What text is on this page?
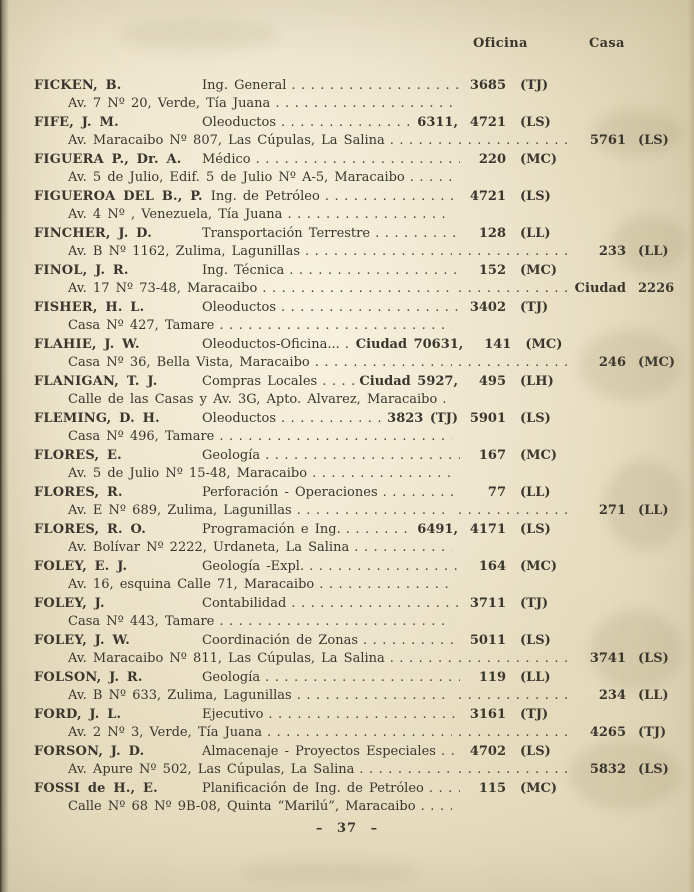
Oficina	Casa
FICKEN, B.	Ing. General .....	3685 (TJ)
Av. 7 Nº 20, Verde, Tía Juana
.....
FIFE, J. M.	Oleoductos .....	6311, 4721 (LS)
Av. Maracaibo Nº 807, Las Cúpulas, La Salina ..... .....	5761 (LS)
FIGUERA P., Dr. A.	Médico .....	220 (MC)
Av. 5 de Julio, Edif. 5 de Julio Nº A-5, Maracaibo
.....
FIGUEROA DEL B., P. Ing. de Petróleo .....	4721 (LS)
Av. 4 Nº , Venezuela, Tía Juana
.....
FINCHER, J. D.	Transportación Terrestre .....	128 (LL)
Av. B Nº 1162, Zulima, Lagunillas ..... .....	233 (LL)
FINOL, J. R.	Ing. Técnica .....	152 (MC)
Av. 17 Nº 73-48, Maracaibo ..... .....	Ciudad 2226
FISHER, H. L.	Oleoductos .....	3402 (TJ)
Casa Nº 427, Tamare
.....
FLAHIE, J. W.	Oleoductos-Oficina... .....	Ciudad 70631,	141 (MC)
Casa Nº 36, Bella Vista, Maracaibo ..... .....	246 (MC)
FLANIGAN, T. J.	Compras Locales .....	Ciudad 5927,	495 (LH)
Calle de las Casas y Av. 3G, Apto. Alvarez, Maracaibo
.....
FLEMING, D. H.	Oleoductos .....	3823 (TJ) 5901 (LS)
Casa Nº 496, Tamare
.....
FLORES, E.	Geología .....	167 (MC)
Av. 5 de Julio Nº 15-48, Maracaibo
.....
FLORES, R.	Perforación - Operaciones .....	77 (LL)
Av. E Nº 689, Zulima, Lagunillas ..... .....	271 (LL)
FLORES, R. O.	Programación e Ing. .....	6491, 4171 (LS)
Av. Bolívar Nº 2222, Urdaneta, La Salina
.....
FOLEY, E. J.	Geología -Expl. .....	164 (MC)
Av. 16, esquina Calle 71, Maracaibo
.....
FOLEY, J.	Contabilidad .....	3711 (TJ)
Casa Nº 443, Tamare
.....
FOLEY, J. W.	Coordinación de Zonas .....	5011 (LS)
Av. Maracaibo Nº 811, Las Cúpulas, La Salina ..... .....	3741 (LS)
FOLSON, J. R.	Geología .....	119 (LL)
Av. B Nº 633, Zulima, Lagunillas ..... .....	234 (LL)
FORD, J. L.	Ejecutivo .....	3161 (TJ)
Av. 2 Nº 3, Verde, Tía Juana ..... .....	4265 (TJ)
FORSON, J. D.	Almacenaje - Proyectos Especiales .....	4702 (LS)
Av. Apure Nº 502, Las Cúpulas, La Salina ..... .....	5832 (LS)
FOSSI de H., E.	Planificación de Ing. de Petróleo .....	115 (MC)
Calle Nº 68 Nº 9B-08, Quinta “Marilú”, Maracaibo
.....
– 37 –
